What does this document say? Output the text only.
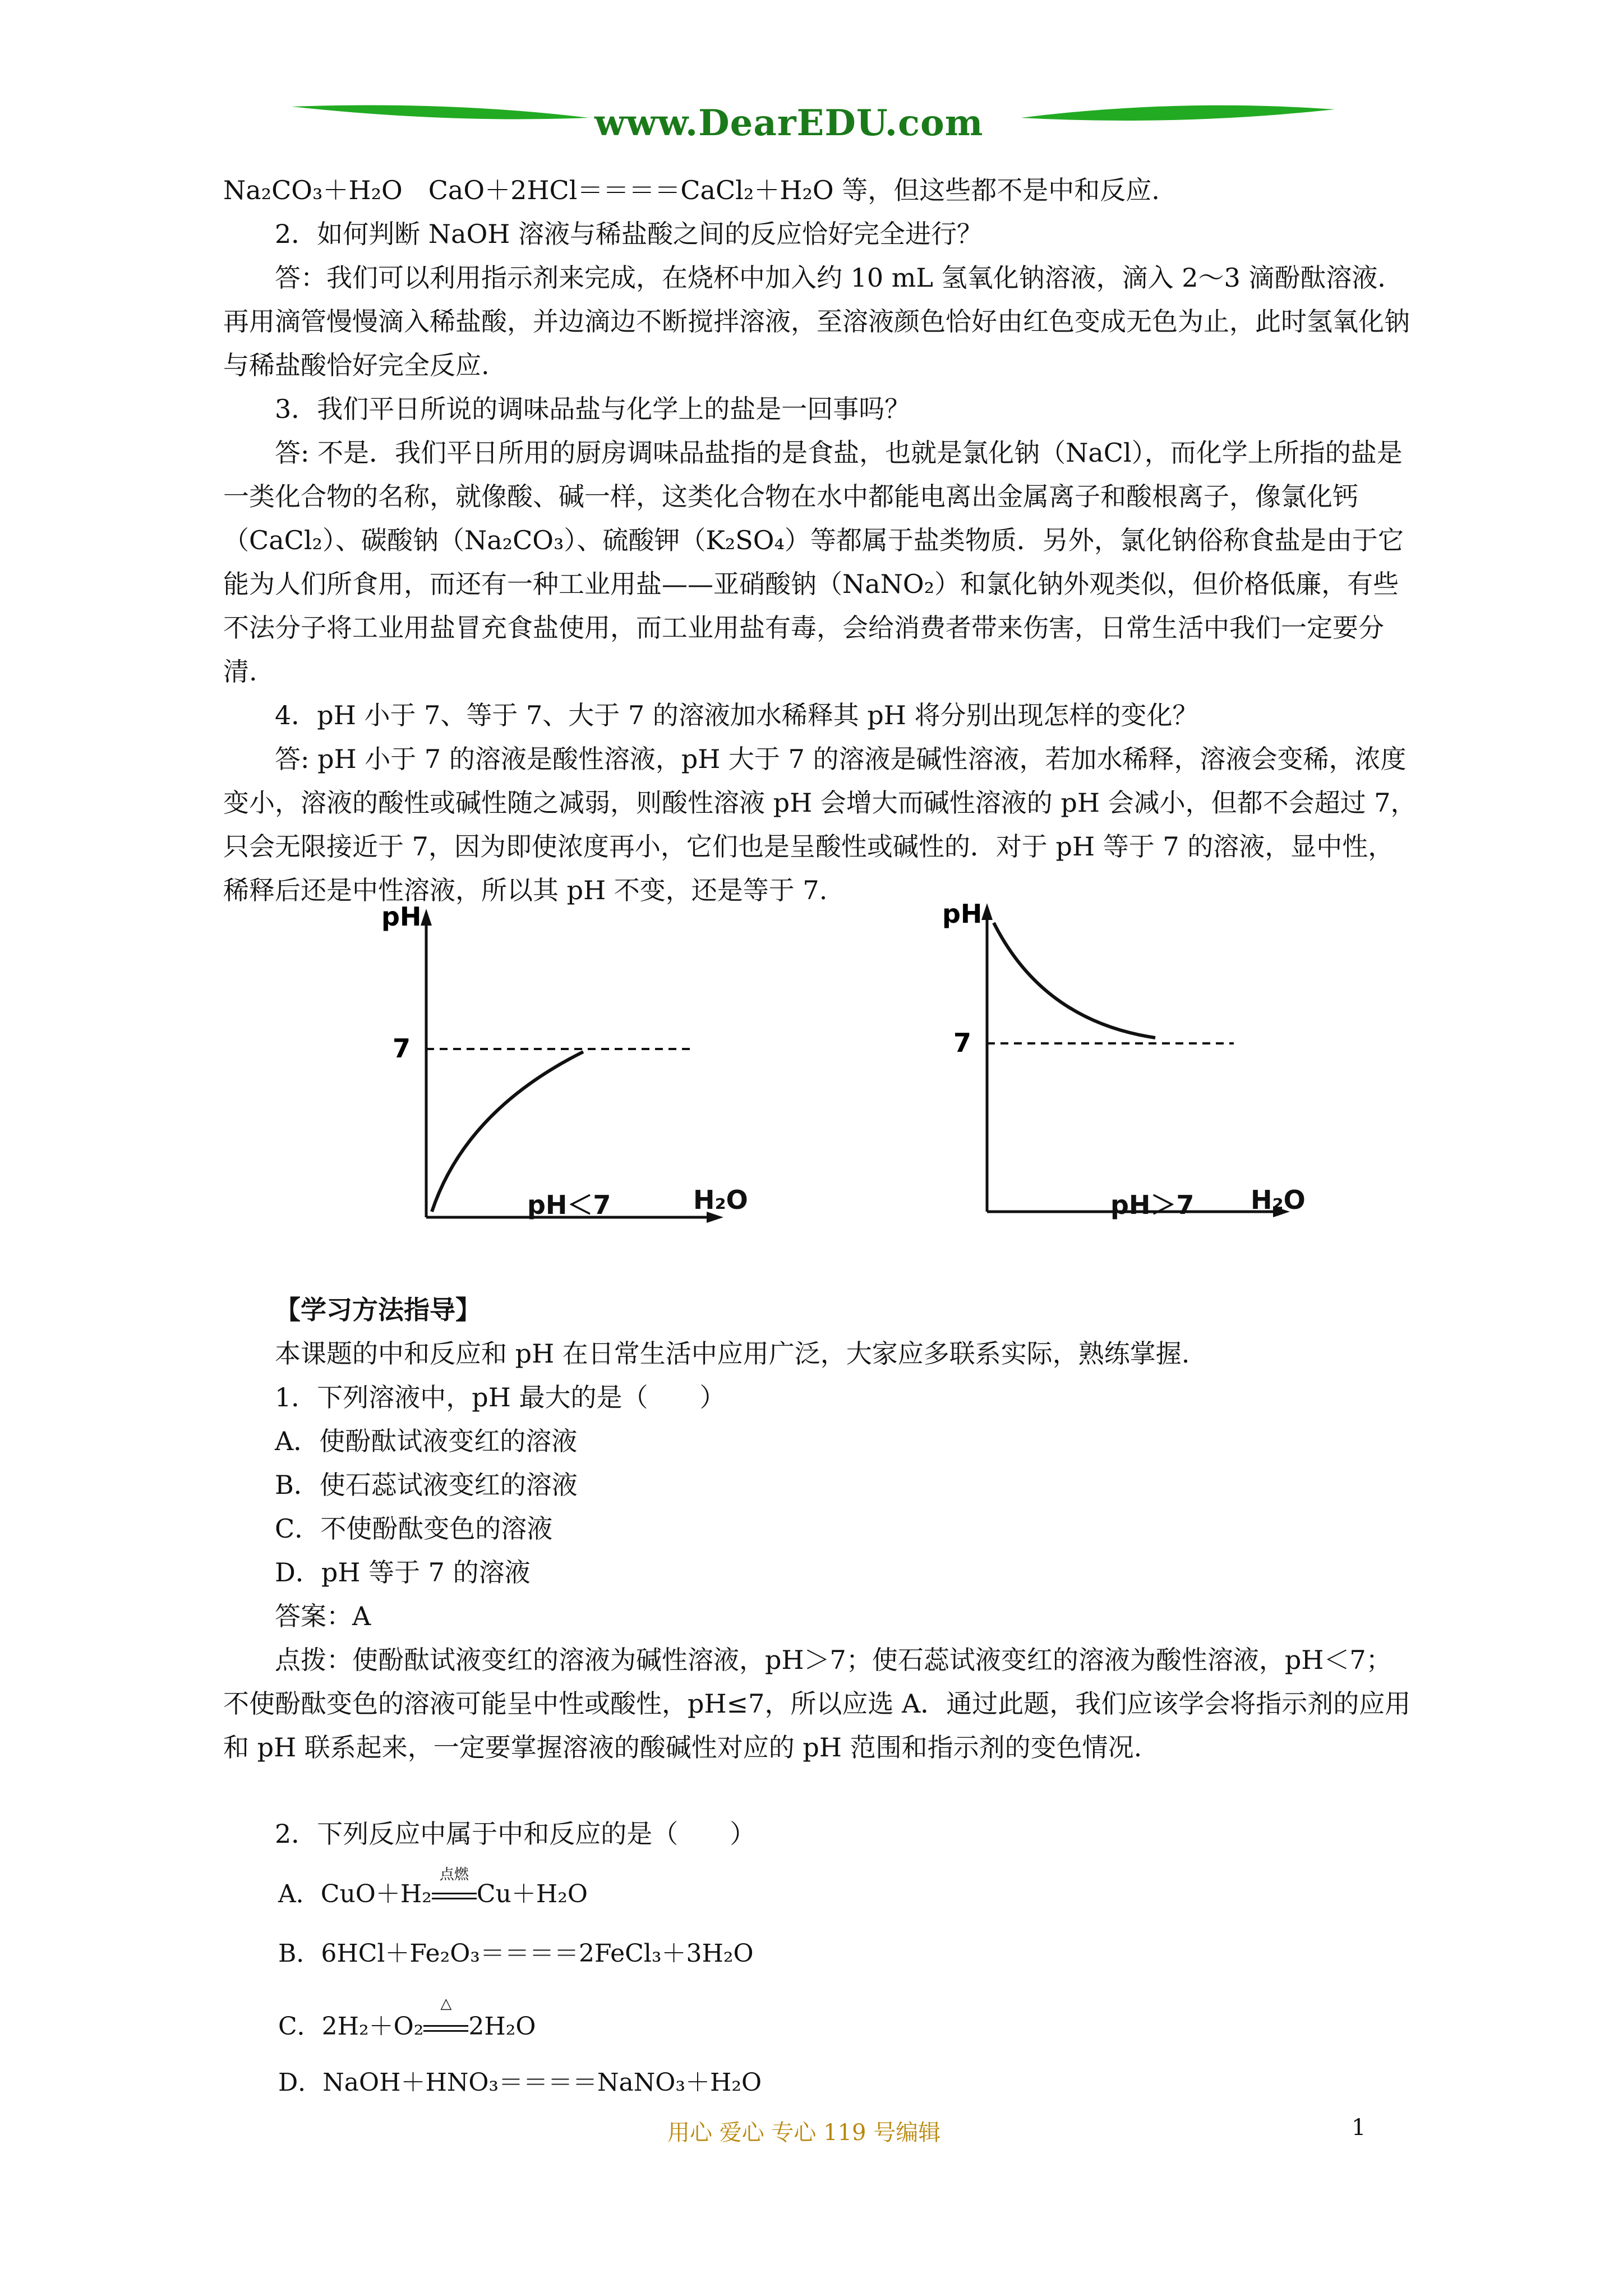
www.DearEDU.com

Na₂CO₃＋H₂O　CaO＋2HCl＝＝＝＝CaCl₂＋H₂O 等，但这些都不是中和反应.

2．如何判断 NaOH 溶液与稀盐酸之间的反应恰好完全进行？

答：我们可以利用指示剂来完成，在烧杯中加入约 10 mL 氢氧化钠溶液，滴入 2～3 滴酚酞溶液．再用滴管慢慢滴入稀盐酸，并边滴边不断搅拌溶液，至溶液颜色恰好由红色变成无色为止，此时氢氧化钠与稀盐酸恰好完全反应.

3．我们平日所说的调味品盐与化学上的盐是一回事吗？

答: 不是．我们平日所用的厨房调味品盐指的是食盐，也就是氯化钠（NaCl），而化学上所指的盐是一类化合物的名称，就像酸、碱一样，这类化合物在水中都能电离出金属离子和酸根离子，像氯化钙（CaCl₂）、碳酸钠（Na₂CO₃）、硫酸钾（K₂SO₄）等都属于盐类物质．另外，氯化钠俗称食盐是由于它能为人们所食用，而还有一种工业用盐——亚硝酸钠（NaNO₂）和氯化钠外观类似，但价格低廉，有些不法分子将工业用盐冒充食盐使用，而工业用盐有毒，会给消费者带来伤害，日常生活中我们一定要分清.

4．pH 小于 7、等于 7、大于 7 的溶液加水稀释其 pH 将分别出现怎样的变化？

答: pH 小于 7 的溶液是酸性溶液，pH 大于 7 的溶液是碱性溶液，若加水稀释，溶液会变稀，浓度变小，溶液的酸性或碱性随之减弱，则酸性溶液 pH 会增大而碱性溶液的 pH 会减小，但都不会超过 7，只会无限接近于 7，因为即使浓度再小，它们也是呈酸性或碱性的．对于 pH 等于 7 的溶液，显中性，稀释后还是中性溶液，所以其 pH 不变，还是等于 7.

pH
7
pH＜7	H₂O
pH
7
pH＞7 H₂O

【学习方法指导】

本课题的中和反应和 pH 在日常生活中应用广泛，大家应多联系实际，熟练掌握.

1．下列溶液中，pH 最大的是（　　）

A．使酚酞试液变红的溶液

B．使石蕊试液变红的溶液

C．不使酚酞变色的溶液

D．pH 等于 7 的溶液

答案：A

点拨：使酚酞试液变红的溶液为碱性溶液，pH＞7；使石蕊试液变红的溶液为酸性溶液，pH＜7；不使酚酞变色的溶液可能呈中性或酸性，pH≤7，所以应选 A．通过此题，我们应该学会将指示剂的应用和 pH 联系起来，一定要掌握溶液的酸碱性对应的 pH 范围和指示剂的变色情况.

2．下列反应中属于中和反应的是（　　）

A．CuO＋H₂
点燃
Cu＋H₂O
B．6HCl＋Fe₂O₃＝＝＝＝2FeCl₃＋3H₂O
C．2H₂＋O₂
△
2H₂O
D．NaOH＋HNO₃＝＝＝＝NaNO₃＋H₂O
用心 爱心 专心 119 号编辑	1
